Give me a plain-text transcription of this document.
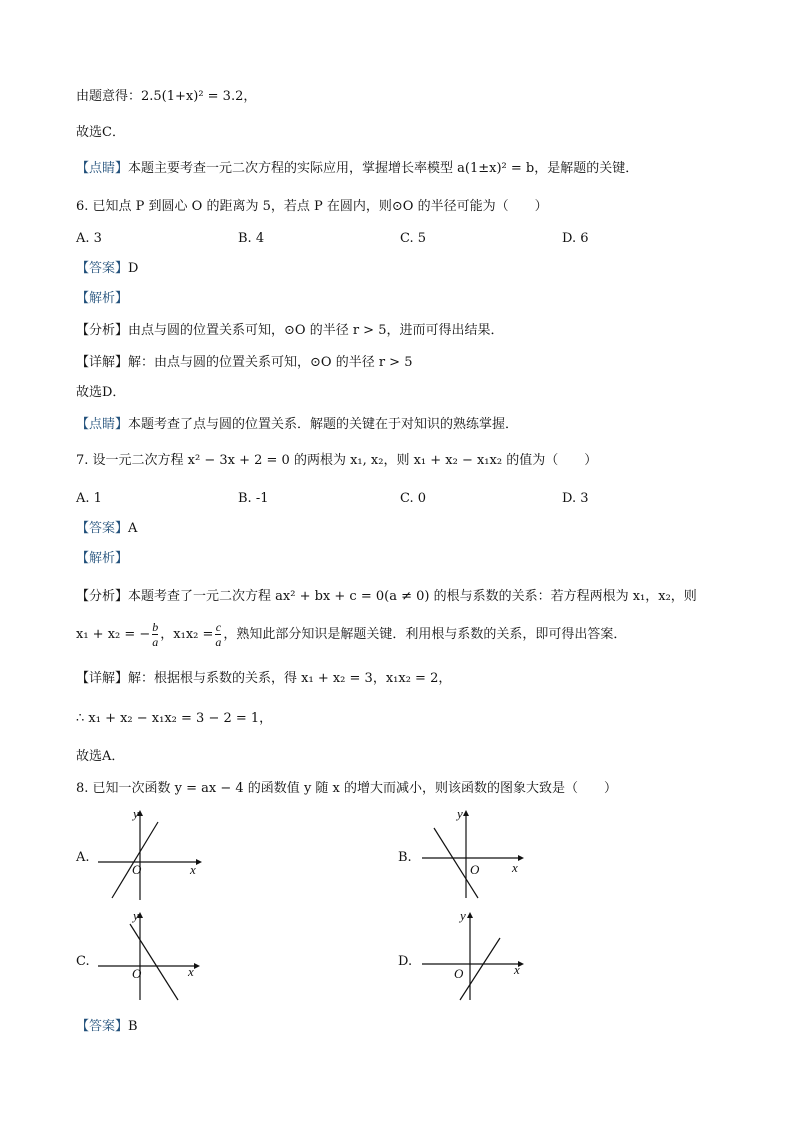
由题意得：2.5(1+x)² = 3.2，
故选C．
【点睛】本题主要考查一元二次方程的实际应用，掌握增长率模型 a(1±x)² = b，是解题的关键．
6. 已知点 P 到圆心 O 的距离为 5，若点 P 在圆内，则⊙O 的半径可能为（　　）
A. 3	B. 4	C. 5	D. 6
【答案】D
【解析】
【分析】由点与圆的位置关系可知，⊙O 的半径 r > 5，进而可得出结果．
【详解】解：由点与圆的位置关系可知，⊙O 的半径 r > 5
故选D．
【点睛】本题考查了点与圆的位置关系．解题的关键在于对知识的熟练掌握．
7. 设一元二次方程 x² − 3x + 2 = 0 的两根为 x₁, x₂，则 x₁ + x₂ − x₁x₂ 的值为（　　）
A. 1	B. -1	C. 0	D. 3
【答案】A
【解析】
【分析】本题考查了一元二次方程 ax² + bx + c = 0(a ≠ 0) 的根与系数的关系：若方程两根为 x₁，x₂，则
x₁ + x₂ = − $\frac{b}{a}$ ，$x_1x_2 = \frac{c}{a}$ ，熟知此部分知识是解题关键．利用根与系数的关系，即可得出答案．
【详解】解：根据根与系数的关系，得 x₁ + x₂ = 3，x₁x₂ = 2，
∴ x₁ + x₂ − x₁x₂ = 3 − 2 = 1，
故选A．
8. 已知一次函数 y = ax − 4 的函数值 y 随 x 的增大而减小，则该函数的图象大致是（　　）
A.
y
x
O
B.
y
x
O
C.
y
x
O
D.
y
x
O
【答案】B
